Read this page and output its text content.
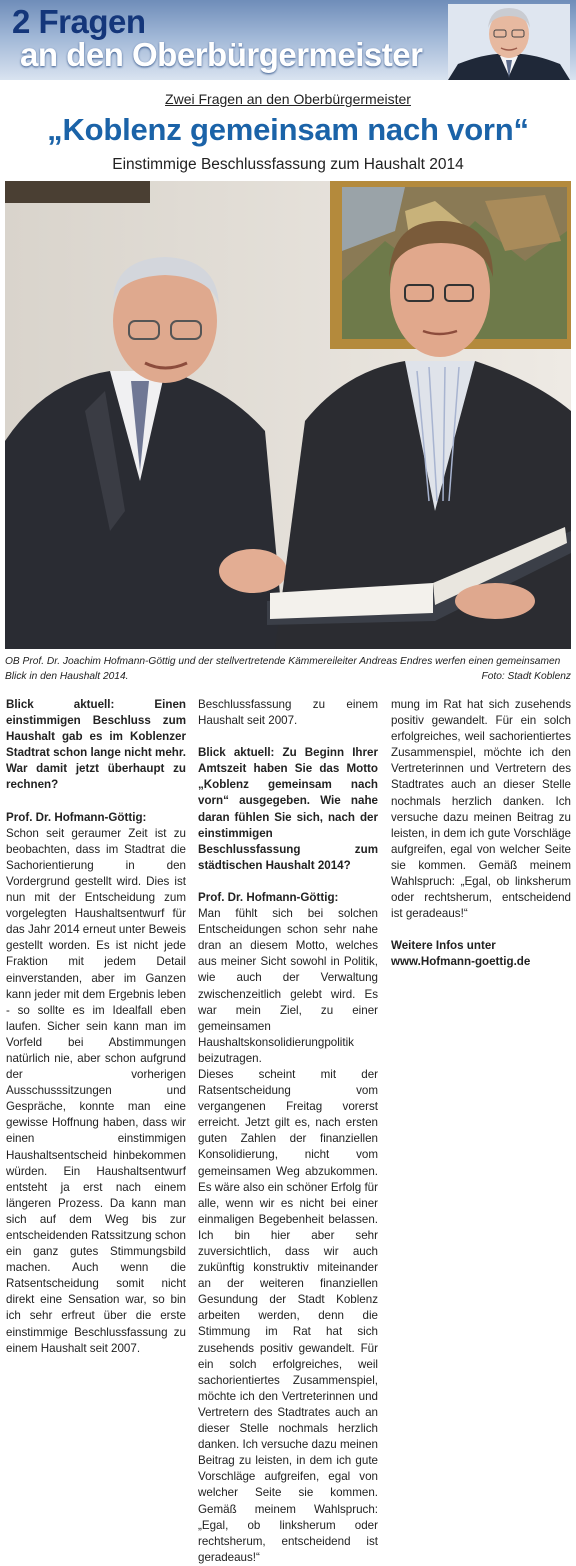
2 Fragen
an den Oberbürgermeister
Zwei Fragen an den Oberbürgermeister
„Koblenz gemeinsam nach vorn“
Einstimmige Beschlussfassung zum Haushalt 2014
OB Prof. Dr. Joachim Hofmann-Göttig und der stellvertretende Kämmereileiter Andreas Endres werfen einen gemeinsamen Blick in den Haushalt 2014.	Foto: Stadt Koblenz

Blick aktuell: Einen einstimmigen Beschluss zum Haushalt gab es im Koblenzer Stadtrat schon lange nicht mehr. War damit jetzt überhaupt zu rechnen?

Prof. Dr. Hofmann-Göttig:

Schon seit geraumer Zeit ist zu beobachten, dass im Stadtrat die Sachorientierung in den Vordergrund gestellt wird. Dies ist nun mit der Entscheidung zum vorgelegten Haushaltsentwurf für das Jahr 2014 erneut unter Beweis gestellt worden. Es ist nicht jede Fraktion mit jedem Detail einverstanden, aber im Ganzen kann jeder mit dem Ergebnis leben - so sollte es im Idealfall eben laufen. Sicher sein kann man im Vorfeld bei Abstimmungen natürlich nie, aber schon aufgrund der vorherigen Ausschusssitzungen und Gespräche, konnte man eine gewisse Hoffnung haben, dass wir einen einstimmigen Haushaltsentscheid hinbekommen würden. Ein Haushaltsentwurf entsteht ja erst nach einem längeren Prozess. Da kann man sich auf dem Weg bis zur entscheidenden Ratssitzung schon ein ganz gutes Stimmungsbild machen. Auch wenn die Ratsentscheidung somit nicht direkt eine Sensation war, so bin ich sehr erfreut über die erste einstimmige Beschlussfassung zu einem Haushalt seit 2007.

Beschlussfassung zu einem Haushalt seit 2007.

Blick aktuell: Zu Beginn Ihrer Amtszeit haben Sie das Motto „Koblenz gemeinsam nach vorn“ ausgegeben. Wie nahe daran fühlen Sie sich, nach der einstimmigen Beschlussfassung zum städtischen Haushalt 2014?

Prof. Dr. Hofmann-Göttig:

Man fühlt sich bei solchen Entscheidungen schon sehr nahe dran an diesem Motto, welches aus meiner Sicht sowohl in Politik, wie auch der Verwaltung zwischenzeitlich gelebt wird. Es war mein Ziel, zu einer gemeinsamen Haushaltskonsolidierungpolitik beizutragen.

Dieses scheint mit der Ratsentscheidung vom vergangenen Freitag vorerst erreicht. Jetzt gilt es, nach ersten guten Zahlen der finanziellen Konsolidierung, nicht vom gemeinsamen Weg abzukommen. Es wäre also ein schöner Erfolg für alle, wenn wir es nicht bei einer einmaligen Begebenheit belassen. Ich bin hier aber sehr zuversichtlich, dass wir auch zukünftig konstruktiv miteinander an der weiteren finanziellen Gesundung der Stadt Koblenz arbeiten werden, denn die Stimmung im Rat hat sich zusehends positiv gewandelt. Für ein solch erfolgreiches, weil sachorientiertes Zusammenspiel, möchte ich den Vertreterinnen und Vertretern des Stadtrates auch an dieser Stelle nochmals herzlich danken. Ich versuche dazu meinen Beitrag zu leisten, in dem ich gute Vorschläge aufgreifen, egal von welcher Seite sie kommen. Gemäß meinem Wahlspruch: „Egal, ob linksherum oder rechtsherum, entscheidend ist geradeaus!“

mung im Rat hat sich zusehends positiv gewandelt. Für ein solch erfolgreiches, weil sachorientiertes Zusammenspiel, möchte ich den Vertreterinnen und Vertretern des Stadtrates auch an dieser Stelle nochmals herzlich danken. Ich versuche dazu meinen Beitrag zu leisten, in dem ich gute Vorschläge aufgreifen, egal von welcher Seite sie kommen. Gemäß meinem Wahlspruch: „Egal, ob linksherum oder rechtsherum, entscheidend ist geradeaus!“

Weitere Infos unter

www.Hofmann-goettig.de
